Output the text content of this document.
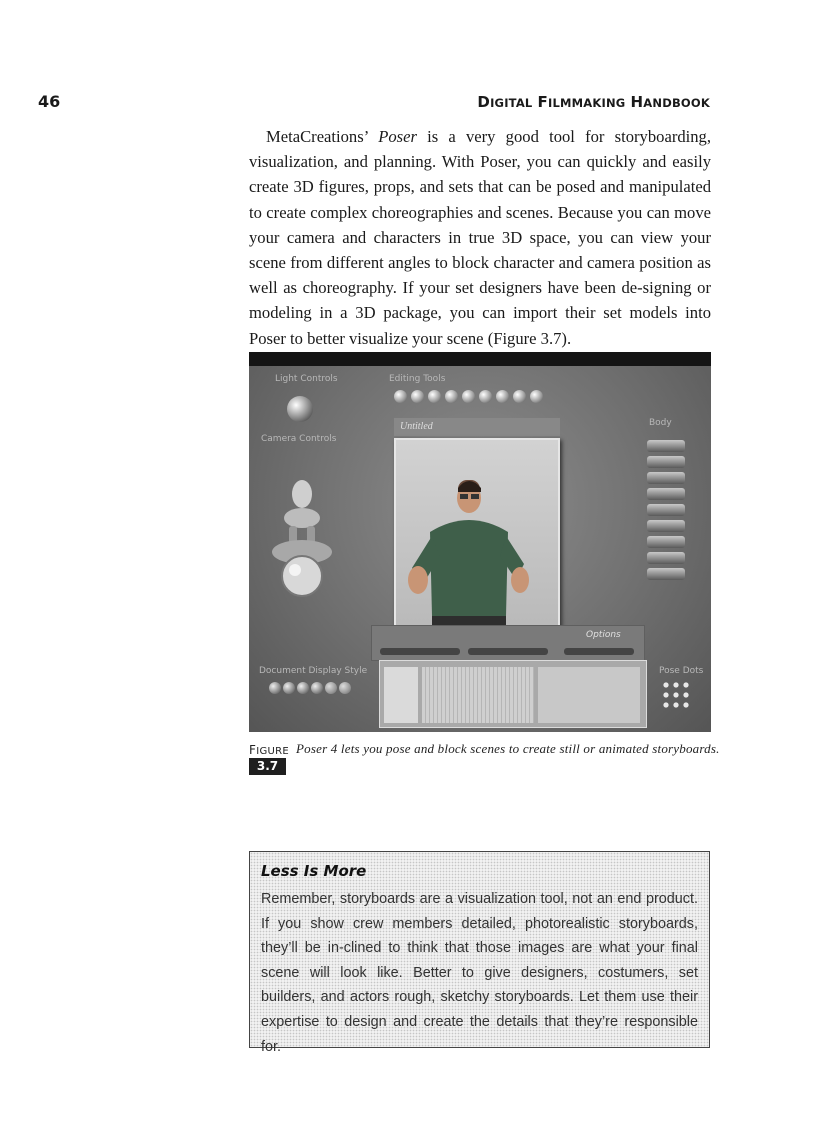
46	DIGITAL FILMMAKING HANDBOOK

MetaCreations’ Poser is a very good tool for storyboarding, visualization, and planning. With Poser, you can quickly and easily create 3D figures, props, and sets that can be posed and manipulated to create complex choreographies and scenes. Because you can move your camera and characters in true 3D space, you can view your scene from different angles to block character and camera position as well as choreography. If your set designers have been de-signing or modeling in a 3D package, you can import their set models into Poser to better visualize your scene (Figure 3.7).

Light Controls
Camera Controls
Editing Tools
Untitled	Body
Options
Document Display Style	Pose Dots
FIGURE
3.7
Poser 4 lets you pose and block scenes to create still or animated storyboards.
Less Is More

Remember, storyboards are a visualization tool, not an end product. If you show crew members detailed, photorealistic storyboards, they’ll be in-clined to think that those images are what your final scene will look like. Better to give designers, costumers, set builders, and actors rough, sketchy storyboards. Let them use their expertise to design and create the details that they’re responsible for.
